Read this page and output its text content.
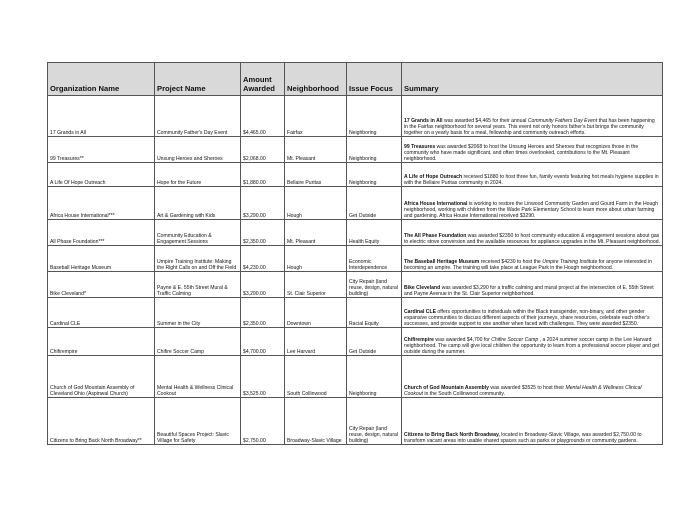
Organization Name	Project Name	Amount Awarded	Neighborhood	Issue Focus	Summary
17 Grands in All	Community Father's Day Event	$4,465.00	Fairfax	Neighboring	17 Grands in All was awarded $4,465 for their annual Community Fathers Day Event that has been happening in the Fairfax neighborhood for several years. This event not only honors father's but brings the community together on a yearly basis for a meal, fellowship and community outreach efforts.
99 Treasures**	Unsung Heroes and Sheroes	$2,068.00	Mt. Pleasant	Neighboring	99 Treasures was awarded $2068 to host the Unsung Heroes and Sheroes that recognizes those in the community who have made significant, and often times overlooked, contributions to the Mt. Pleasant neighborhood.
A Life Of Hope Outreach	Hope for the Future	$1,880.00	Bellaire Puritas	Neighboring	A Life of Hope Outreach received $1880 to host three fun, family events featuring hot meals hygiene supplies in with the Bellaire Puritas community in 2024.
Africa House International***	Art & Gardening with Kids	$3,290.00	Hough	Get Outside	Africa House International is working to restore the Linwood Community Garden and Gourd Farm in the Hough neighborhood, working with children from the Wade Park Elementary School to learn more about urban farming and gardening. Africa House International received $3290.
All Phase Foundation***	Community Education & Engagement Sessions	$2,350.00	Mt. Pleasant	Health Equity	The All Phase Foundation was awarded $2350 to host community education & engagement sessions about gas to electric stove conversion and the available resources for appliance upgrades in the Mt. Pleasant neighborhood.
Baseball Heritage Museum	Umpire Training Institute: Making the Right Calls on and Off the Field	$4,230.00	Hough	Economic Interdependence	The Baseball Heritage Museum received $4230 to host the Umpire Training Institute for anyone interested in becoming an umpire. The training will take place at League Park in the Hough neighborhood.
Bike Cleveland*	Payne & E. 55th Street Mural & Traffic Calming	$3,290.00	St. Clair Superior	City Repair (land reuse, design, natural building)	Bike Cleveland was awarded $3,290 for a traffic calming and mural project at the intersection of E. 55th Street and Payne Avenue in the St. Clair Superior neighborhood.
Cardinal CLE	Summer in the City	$2,350.00	Downtown	Racial Equity	Cardinal CLE offers opportunities to individuals within the Black transgender, non-binary, and other gender expansive communities to discuss different aspects of their journeys, share resources, celebrate each other's successes, and provide support to one another when faced with challenges. They were awarded $2350.
Chifirempire	Chifire Soccer Camp	$4,700.00	Lee Harvard	Get Outside	Chifirempire was awarded $4,700 for Chifire Soccer Camp , a 2024 summer soccer camp in the Lee Harvard neighborhood. The camp will give local children the opportunity to learn from a professional soccer player and get outside during the summer.
Church of God Mountain Assembly of Cleveland Ohio (Aspinwal Church)	Mental Health & Wellness Clinical Cookout	$3,525.00	South Collinwood	Neighboring	Church of God Mountain Assembly was awarded $3525 to host their Mental Health & Wellness Clinical Cookout in the South Collinwood community.
Citizens to Bring Back North Broadway**	Beautiful Spaces Project: Slavic Village for Safety	$2,750.00	Broadway-Slavic Village	City Repair (land reuse, design, natural building)	Citizens to Bring Back North Broadway, located in Broadway-Slavic Village, was awarded $2,750.00 to transform vacant areas into usable shared spaces such as parks or playgrounds or community gardens.
